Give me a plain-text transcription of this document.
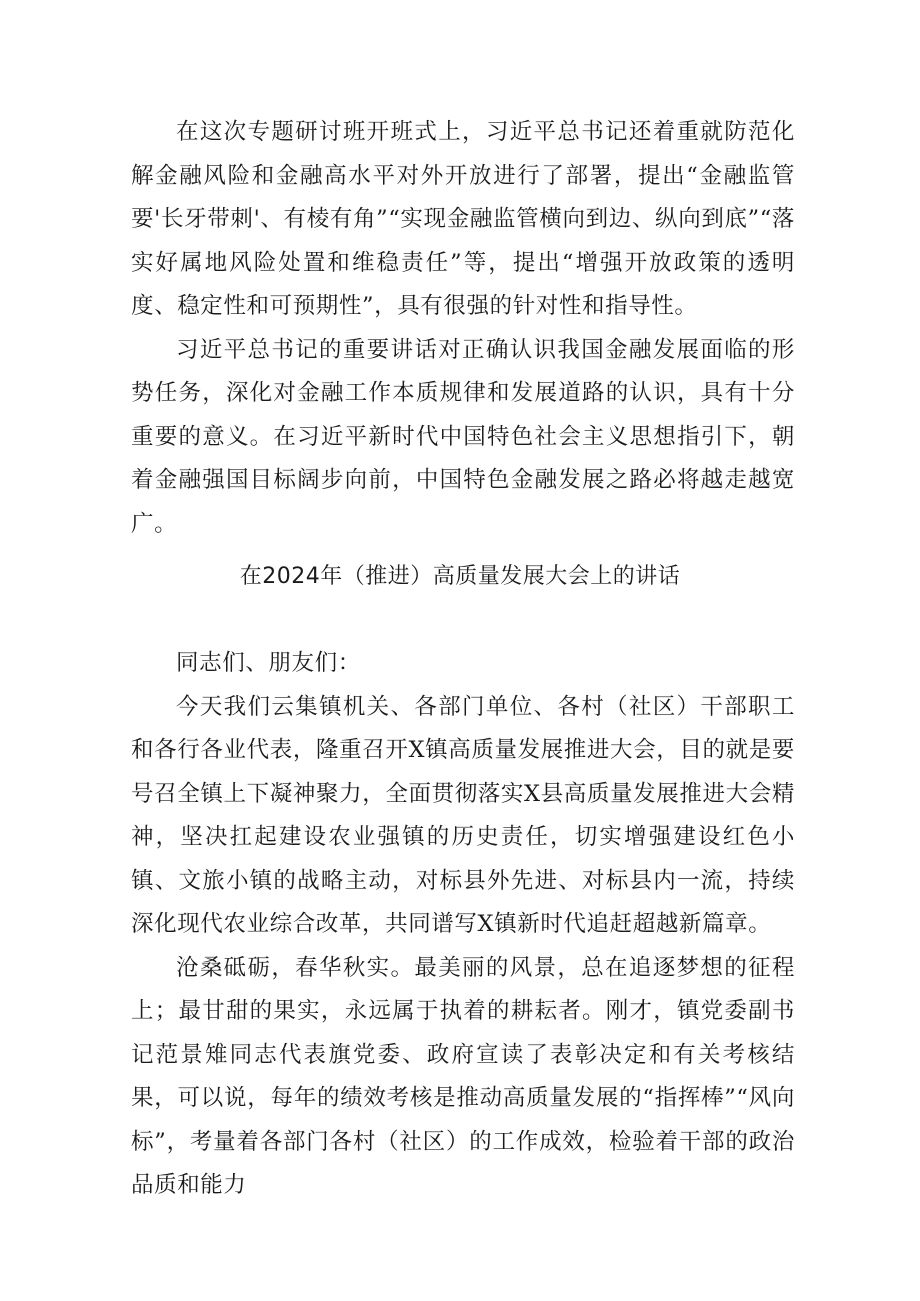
在这次专题研讨班开班式上，习近平总书记还着重就防范化解金融风险和金融高水平对外开放进行了部署，提出“金融监管要'长牙带刺'、有棱有角”“实现金融监管横向到边、纵向到底”“落实好属地风险处置和维稳责任”等，提出“增强开放政策的透明度、稳定性和可预期性”，具有很强的针对性和指导性。

习近平总书记的重要讲话对正确认识我国金融发展面临的形势任务，深化对金融工作本质规律和发展道路的认识，具有十分重要的意义。在习近平新时代中国特色社会主义思想指引下，朝着金融强国目标阔步向前，中国特色金融发展之路必将越走越宽广。

在2024年（推进）高质量发展大会上的讲话

同志们、朋友们：

今天我们云集镇机关、各部门单位、各村（社区）干部职工和各行各业代表，隆重召开X镇高质量发展推进大会，目的就是要号召全镇上下凝神聚力，全面贯彻落实X县高质量发展推进大会精神，坚决扛起建设农业强镇的历史责任，切实增强建设红色小镇、文旅小镇的战略主动，对标县外先进、对标县内一流，持续深化现代农业综合改革，共同谱写X镇新时代追赶超越新篇章。

沧桑砥砺，春华秋实。最美丽的风景，总在追逐梦想的征程上；最甘甜的果实，永远属于执着的耕耘者。刚才，镇党委副书记范景雉同志代表旗党委、政府宣读了表彰决定和有关考核结果，可以说，每年的绩效考核是推动高质量发展的“指挥棒”“风向标”，考量着各部门各村（社区）的工作成效，检验着干部的政治品质和能力
